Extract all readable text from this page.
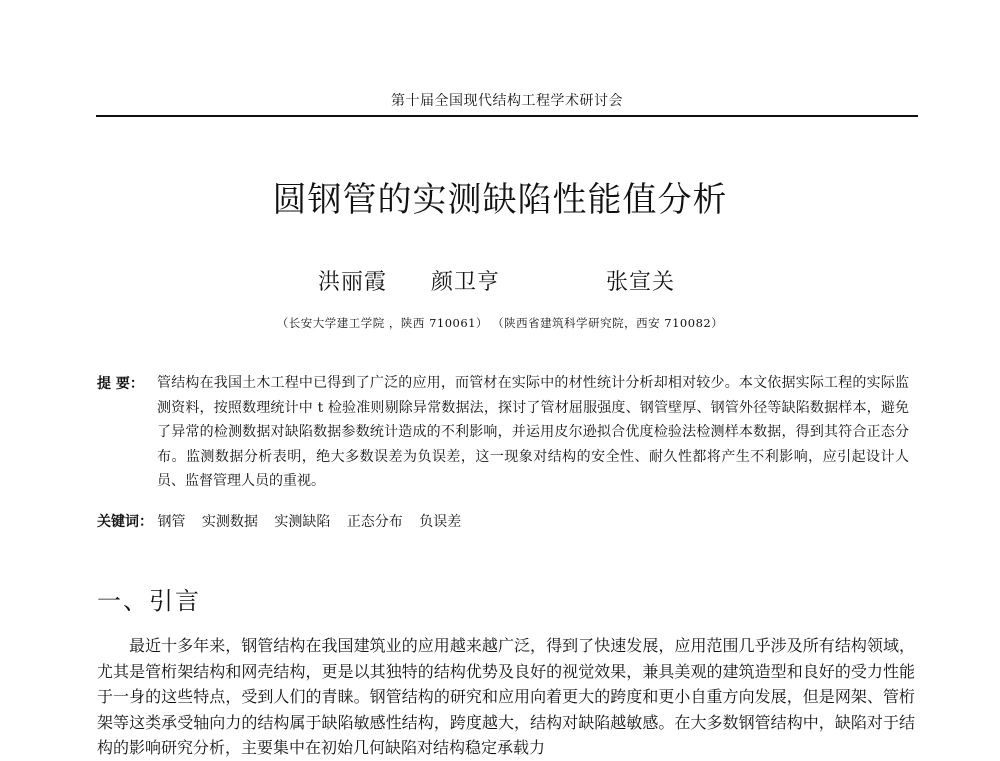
第十届全国现代结构工程学术研讨会
圆钢管的实测缺陷性能值分析
洪丽霞 颜卫亨	张宣关
（长安大学建工学院 ，陕西 710061） （陕西省建筑科学研究院，西安 710082）
提 要： 管结构在我国土木工程中已得到了广泛的应用，而管材在实际中的材性统计分析却相对较少。本文依据实际工程的实际监测资料，按照数理统计中 t 检验准则剔除异常数据法，探讨了管材屈服强度、钢管壁厚、钢管外径等缺陷数据样本，避免了异常的检测数据对缺陷数据参数统计造成的不利影响，并运用皮尔逊拟合优度检验法检测样本数据，得到其符合正态分布。监测数据分析表明，绝大多数误差为负误差，这一现象对结构的安全性、耐久性都将产生不利影响，应引起设计人员、监督管理人员的重视。

关键词： 钢管 实测数据 实测缺陷 正态分布 负误差
一、引言

最近十多年来，钢管结构在我国建筑业的应用越来越广泛，得到了快速发展，应用范围几乎涉及所有结构领域，尤其是管桁架结构和网壳结构，更是以其独特的结构优势及良好的视觉效果，兼具美观的建筑造型和良好的受力性能于一身的这些特点，受到人们的青睐。钢管结构的研究和应用向着更大的跨度和更小自重方向发展，但是网架、管桁架等这类承受轴向力的结构属于缺陷敏感性结构，跨度越大，结构对缺陷越敏感。在大多数钢管结构中，缺陷对于结构的影响研究分析，主要集中在初始几何缺陷对结构稳定承载力
